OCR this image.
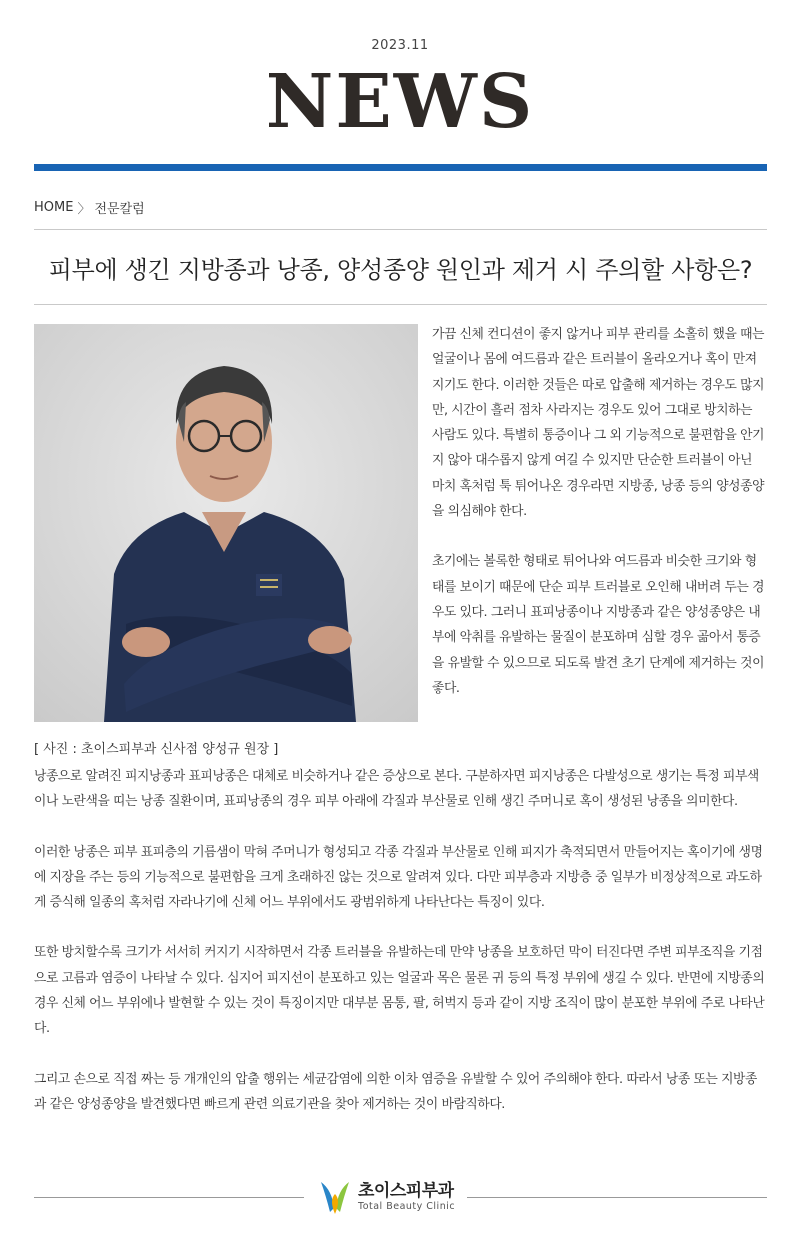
2023.11
NEWS
HOME 〉 전문칼럼
피부에 생긴 지방종과 낭종, 양성종양 원인과 제거 시 주의할 사항은?
[ 사진 : 초이스피부과 신사점 양성규 원장 ]

가끔 신체 컨디션이 좋지 않거나 피부 관리를 소홀히 했을 때는 얼굴이나 몸에 여드름과 같은 트러블이 올라오거나 혹이 만져지기도 한다. 이러한 것들은 따로 압출해 제거하는 경우도 많지만, 시간이 흘러 점차 사라지는 경우도 있어 그대로 방치하는 사람도 있다. 특별히 통증이나 그 외 기능적으로 불편함을 안기지 않아 대수롭지 않게 여길 수 있지만 단순한 트러블이 아닌 마치 혹처럼 툭 튀어나온 경우라면 지방종, 낭종 등의 양성종양을 의심해야 한다.

초기에는 볼록한 형태로 튀어나와 여드름과 비슷한 크기와 형태를 보이기 때문에 단순 피부 트러블로 오인해 내버려 두는 경우도 있다. 그러니 표피낭종이나 지방종과 같은 양성종양은 내부에 악취를 유발하는 물질이 분포하며 심할 경우 곪아서 통증을 유발할 수 있으므로 되도록 발견 초기 단계에 제거하는 것이 좋다.

낭종으로 알려진 피지낭종과 표피낭종은 대체로 비슷하거나 같은 증상으로 본다. 구분하자면 피지낭종은 다발성으로 생기는 특정 피부색이나 노란색을 띠는 낭종 질환이며, 표피낭종의 경우 피부 아래에 각질과 부산물로 인해 생긴 주머니로 혹이 생성된 낭종을 의미한다.

이러한 낭종은 피부 표피층의 기름샘이 막혀 주머니가 형성되고 각종 각질과 부산물로 인해 피지가 축적되면서 만들어지는 혹이기에 생명에 지장을 주는 등의 기능적으로 불편함을 크게 초래하진 않는 것으로 알려져 있다. 다만 피부층과 지방층 중 일부가 비정상적으로 과도하게 증식해 일종의 혹처럼 자라나기에 신체 어느 부위에서도 광범위하게 나타난다는 특징이 있다.

또한 방치할수록 크기가 서서히 커지기 시작하면서 각종 트러블을 유발하는데 만약 낭종을 보호하던 막이 터진다면 주변 피부조직을 기점으로 고름과 염증이 나타날 수 있다. 심지어 피지선이 분포하고 있는 얼굴과 목은 물론 귀 등의 특정 부위에 생길 수 있다. 반면에 지방종의 경우 신체 어느 부위에나 발현할 수 있는 것이 특징이지만 대부분 몸통, 팔, 허벅지 등과 같이 지방 조직이 많이 분포한 부위에 주로 나타난다.

그리고 손으로 직접 짜는 등 개개인의 압출 행위는 세균감염에 의한 이차 염증을 유발할 수 있어 주의해야 한다. 따라서 낭종 또는 지방종과 같은 양성종양을 발견했다면 빠르게 관련 의료기관을 찾아 제거하는 것이 바람직하다.

초이스피부과
Total Beauty Clinic
